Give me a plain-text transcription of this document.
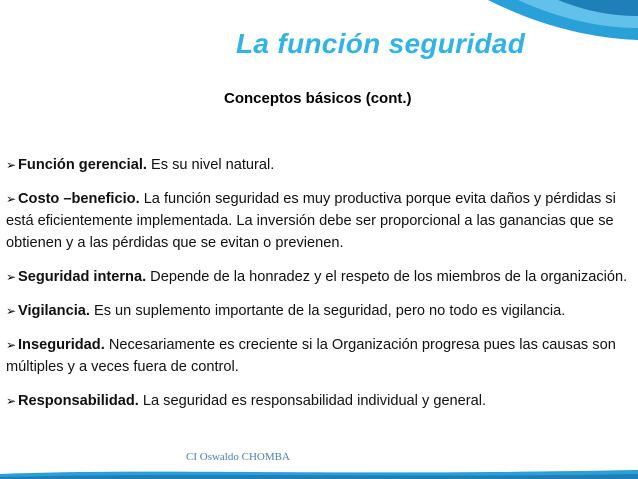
La función seguridad
Conceptos básicos (cont.)

➢ Función gerencial. Es su nivel natural.

➢ Costo –beneficio. La función seguridad es muy productiva porque evita daños y pérdidas si está eficientemente implementada. La inversión debe ser proporcional a las ganancias que se obtienen y a las pérdidas que se evitan o previenen.

➢ Seguridad interna. Depende de la honradez y el respeto de los miembros de la organización.

➢ Vigilancia. Es un suplemento importante de la seguridad, pero no todo es vigilancia.

➢ Inseguridad. Necesariamente es creciente si la Organización progresa pues las causas son múltiples y a veces fuera de control.

➢ Responsabilidad. La seguridad es responsabilidad individual y general.

CI Oswaldo CHOMBA
